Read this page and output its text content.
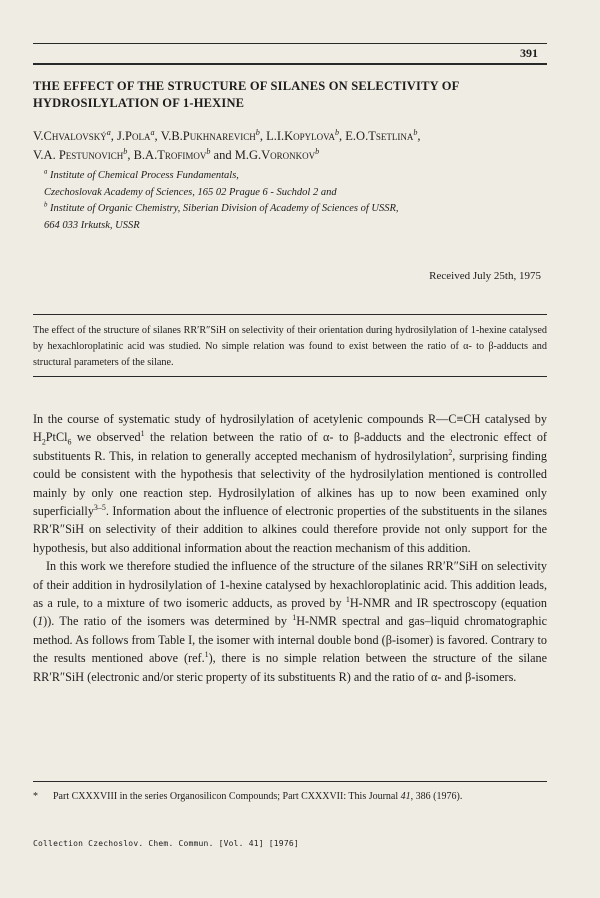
391
THE EFFECT OF THE STRUCTURE OF SILANES ON SELECTIVITY OF HYDROSILYLATION OF 1-HEXINE
V.Chvalovský$^a$, J.Pola$^a$, V.B.Pukhnarevich$^b$, L.I.Kopylova$^b$, E.O.Tsetlina$^b$,
V.A. Pestunovich$^b$, B.A.Trofimov$^b$ and M.G.Voronkov$^b$
$^a$ Institute of Chemical Process Fundamentals,
Czechoslovak Academy of Sciences, 165 02 Prague 6 - Suchdol 2 and
$^b$ Institute of Organic Chemistry, Siberian Division of Academy of Sciences of USSR,
664 033 Irkutsk, USSR
Received July 25th, 1975
The effect of the structure of silanes RR′R″SiH on selectivity of their orientation during hydrosilylation of 1-hexine catalysed by hexachloroplatinic acid was studied. No simple relation was found to exist between the ratio of α- to β-adducts and structural parameters of the silane.

In the course of systematic study of hydrosilylation of acetylenic compounds R—C≡CH catalysed by $H_2PtCl_6$ we observed$^1$ the relation between the ratio of α- to β-adducts and the electronic effect of substituents R. This, in relation to generally accepted mechanism of hydrosilylation$^2$, surprising finding could be consistent with the hypothesis that selectivity of the hydrosilylation mentioned is controlled mainly by only one reaction step. Hydrosilylation of alkines has up to now been examined only superficially$^{3-5}$. Information about the influence of electronic properties of the substituents in the silanes RR′R″SiH on selectivity of their addition to alkines could therefore provide not only support for the hypothesis, but also additional information about the reaction mechanism of this addition.

In this work we therefore studied the influence of the structure of the silanes RR′R″SiH on selectivity of their addition in hydrosilylation of 1-hexine catalysed by hexachloroplatinic acid. This addition leads, as a rule, to a mixture of two isomeric adducts, as proved by $^1$H-NMR and IR spectroscopy (equation (1)). The ratio of the isomers was determined by $^1$H-NMR spectral and gas–liquid chromatographic method. As follows from Table I, the isomer with internal double bond (β-isomer) is favored. Contrary to the results mentioned above (ref.$^1$), there is no simple relation between the structure of the silane RR′R″SiH (electronic and/or steric property of its substituents R) and the ratio of α- and β-isomers.

* Part CXXXVIII in the series Organosilicon Compounds; Part CXXXVII: This Journal 41, 386 (1976).
Collection Czechoslov. Chem. Commun. [Vol. 41] [1976]
